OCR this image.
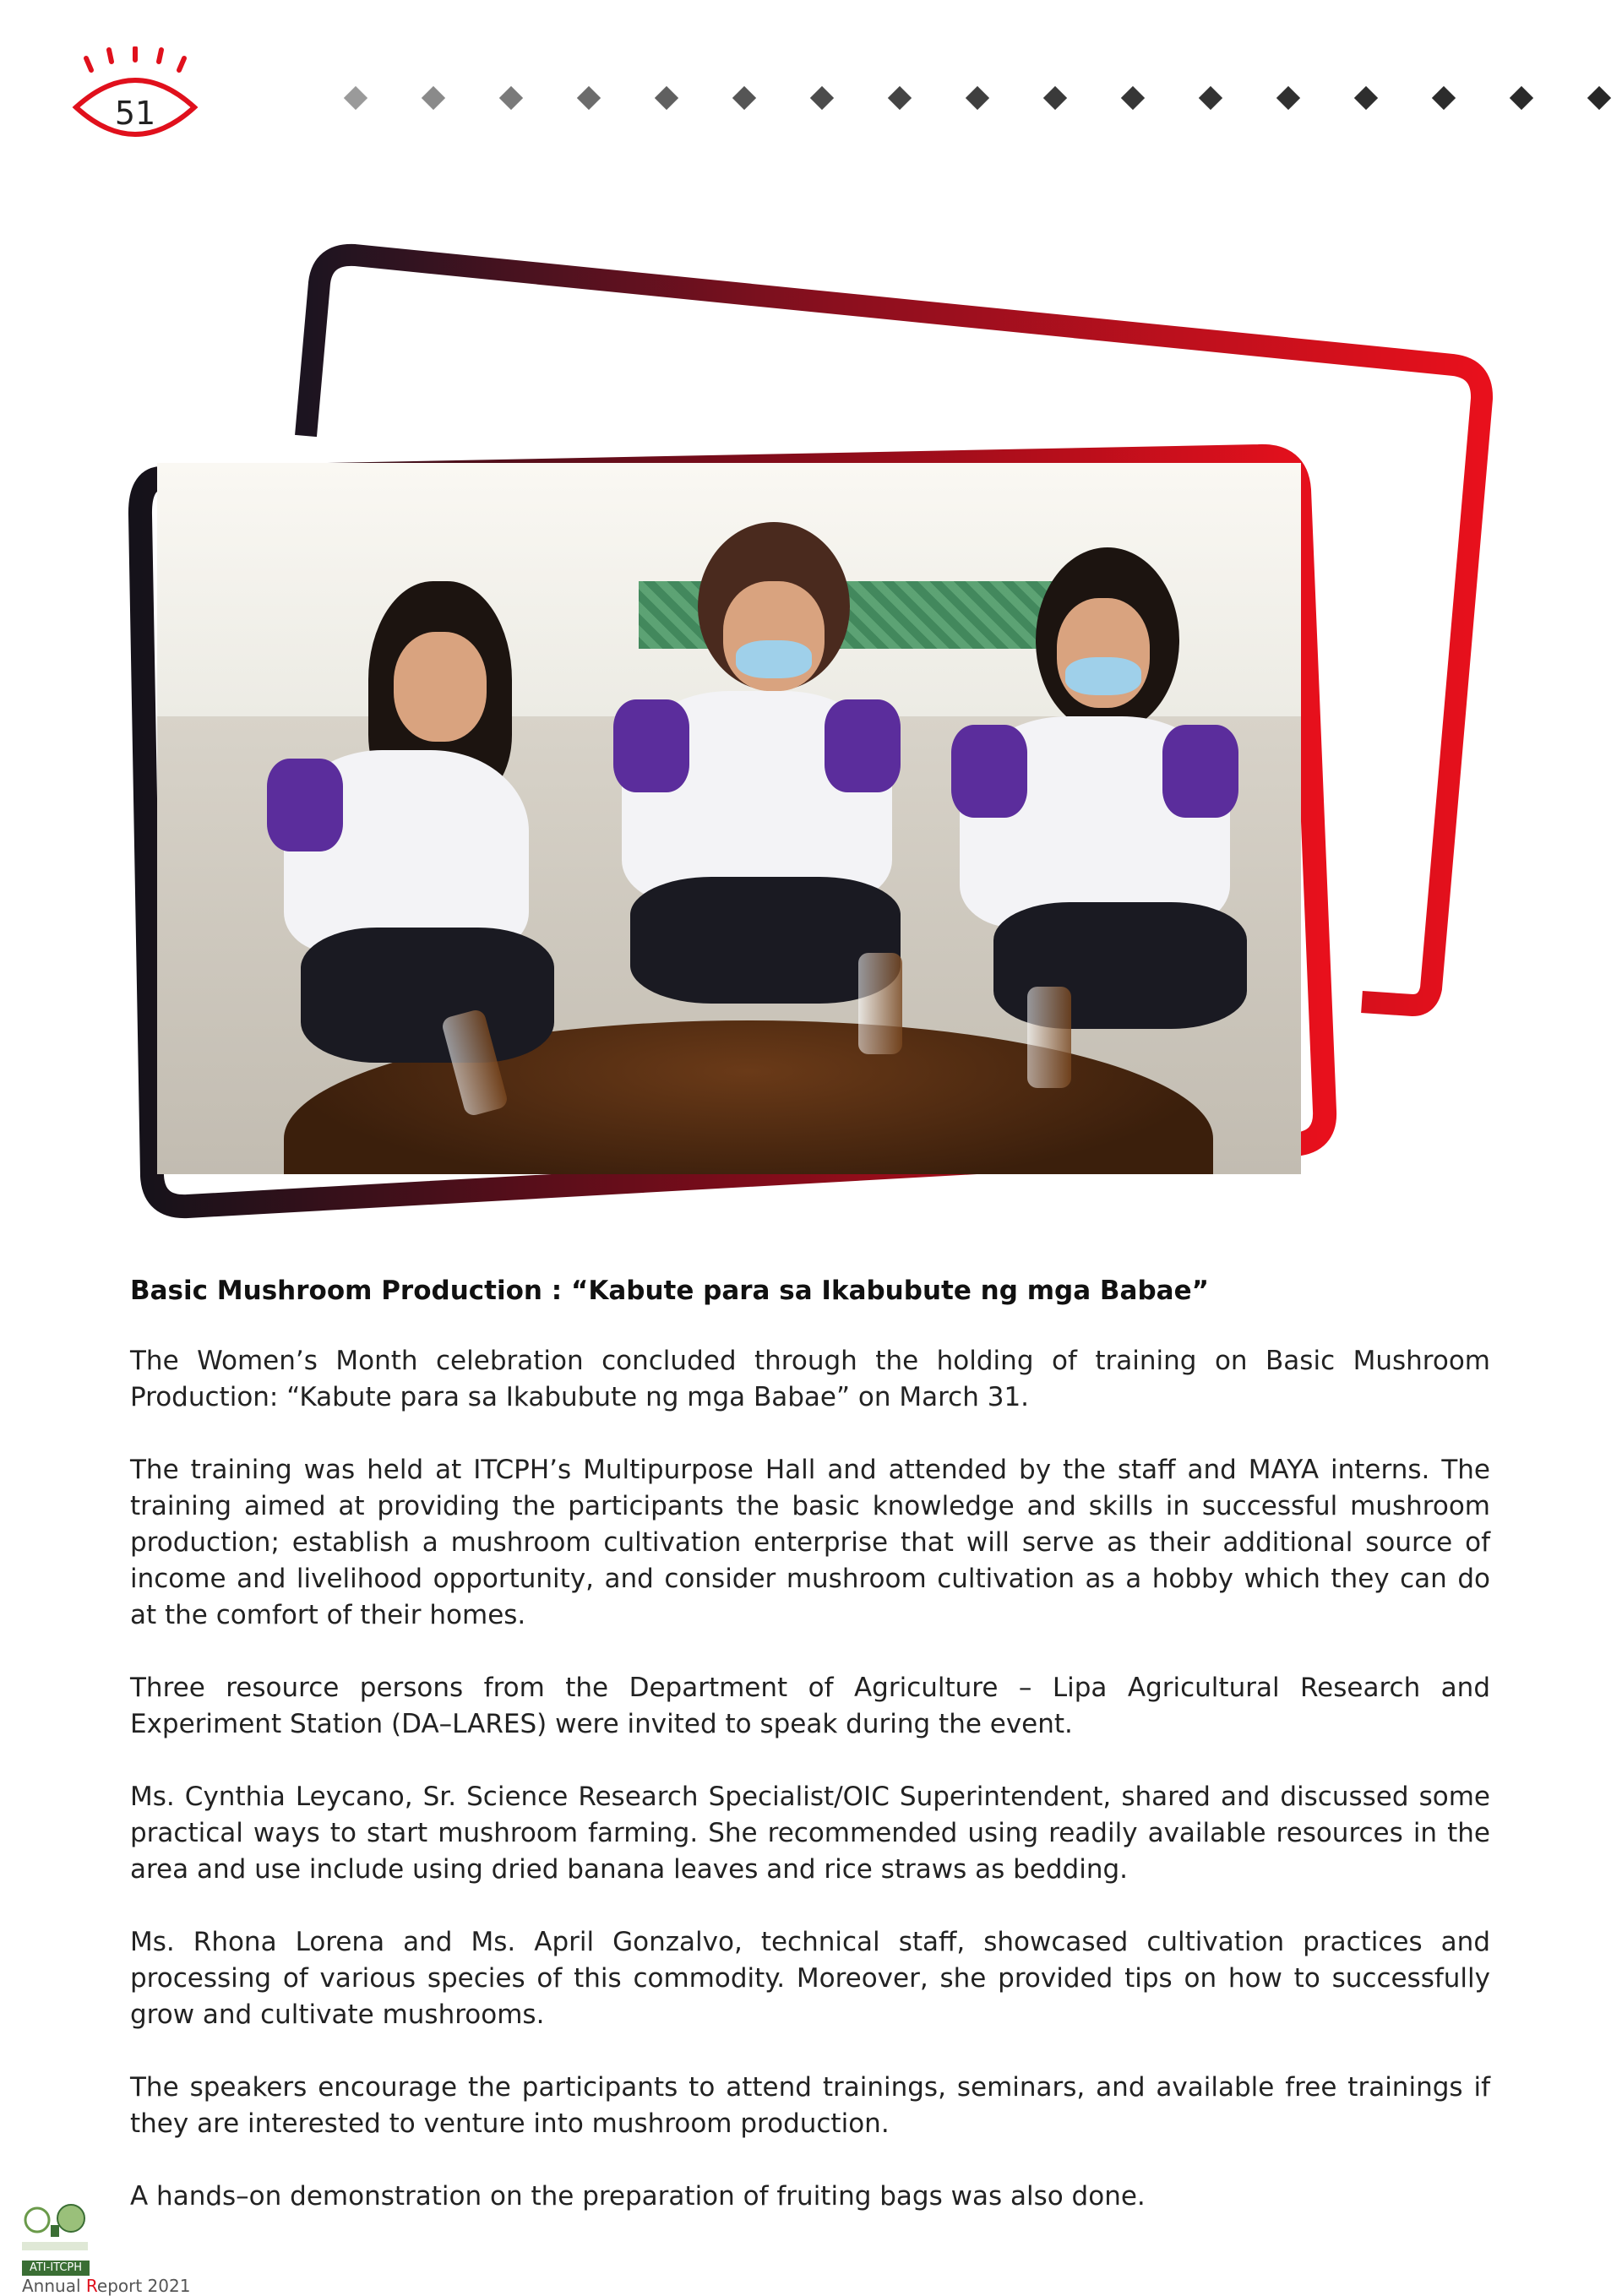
51
Basic Mushroom Production : “Kabute para sa Ikabubute ng mga Babae”

The Women’s Month celebration concluded through the holding of training on Basic Mushroom Production: “Kabute para sa Ikabubute ng mga Babae” on March 31.

The training was held at ITCPH’s Multipurpose Hall and attended by the staff and MAYA interns. The training aimed at providing the participants the basic knowledge and skills in successful mushroom production; establish a mushroom cultivation enterprise that will serve as their additional source of income and livelihood opportunity, and consider mushroom cultivation as a hobby which they can do at the comfort of their homes.

Three resource persons from the Department of Agriculture – Lipa Agricultural Research and Experiment Station (DA–LARES) were invited to speak during the event.

Ms. Cynthia Leycano, Sr. Science Research Specialist/OIC Superintendent, shared and discussed some practical ways to start mushroom farming. She recommended using readily available resources in the area and use include using dried banana leaves and rice straws as bedding.

Ms. Rhona Lorena and Ms. April Gonzalvo, technical staff, showcased cultivation practices and processing of various species of this commodity. Moreover, she provided tips on how to successfully grow and cultivate mushrooms.

The speakers encourage the participants to attend trainings, seminars, and available free trainings if they are interested to venture into mushroom production.

A hands–on demonstration on the preparation of fruiting bags was also done.

ATI-ITCPH
Annual Report 2021
